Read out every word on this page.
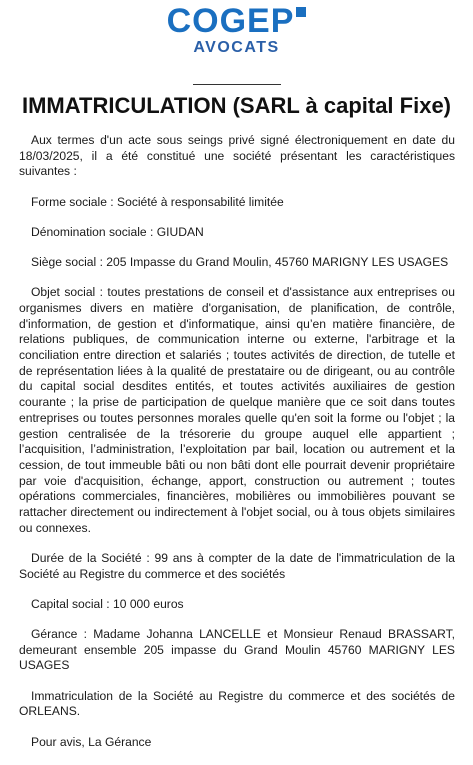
COGEP
AVOCATS
IMMATRICULATION (SARL à capital Fixe)

Aux termes d'un acte sous seings privé signé électroniquement en date du 18/03/2025, il a été constitué une société présentant les caractéristiques suivantes :

Forme sociale : Société à responsabilité limitée

Dénomination sociale : GIUDAN

Siège social : 205 Impasse du Grand Moulin, 45760 MARIGNY LES USAGES

Objet social : toutes prestations de conseil et d'assistance aux entreprises ou organismes divers en matière d'organisation, de planification, de contrôle, d'information, de gestion et d'informatique, ainsi qu’en matière financière, de relations publiques, de communication interne ou externe, l'arbitrage et la conciliation entre direction et salariés ; toutes activités de direction, de tutelle et de représentation liées à la qualité de prestataire ou de dirigeant, ou au contrôle du capital social desdites entités, et toutes activités auxiliaires de gestion courante ; la prise de participation de quelque manière que ce soit dans toutes entreprises ou toutes personnes morales quelle qu'en soit la forme ou l'objet ; la gestion centralisée de la trésorerie du groupe auquel elle appartient ; l’acquisition, l’administration, l’exploitation par bail, location ou autrement et la cession, de tout immeuble bâti ou non bâti dont elle pourrait devenir propriétaire par voie d'acquisition, échange, apport, construction ou autrement ; toutes opérations commerciales, financières, mobilières ou immobilières pouvant se rattacher directement ou indirectement à l'objet social, ou à tous objets similaires ou connexes.

Durée de la Société : 99 ans à compter de la date de l'immatriculation de la Société au Registre du commerce et des sociétés

Capital social : 10 000 euros

Gérance : Madame Johanna LANCELLE et Monsieur Renaud BRASSART, demeurant ensemble 205 impasse du Grand Moulin 45760 MARIGNY LES USAGES

Immatriculation de la Société au Registre du commerce et des sociétés de ORLEANS.

Pour avis, La Gérance
